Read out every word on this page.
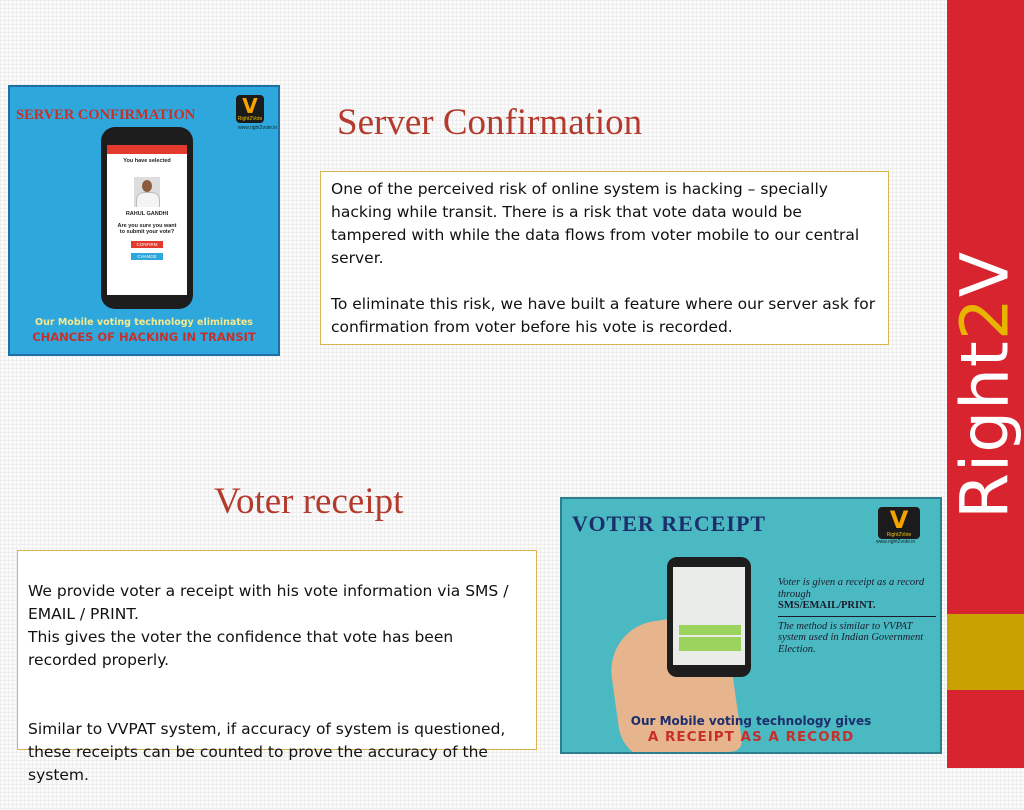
Right2V
SERVER CONFIRMATION	V
Right2Vote
www.right2vote.in
You have selected
RAHUL GANDHI
Are you sure you want to submit your vote?
CONFIRM
CHANGE
Our Mobile voting technology eliminates
CHANCES OF HACKING IN TRANSIT
Server Confirmation

One of the perceived risk of online system is hacking – specially hacking while transit. There is a risk that vote data would be tampered with while the data flows from voter mobile to our central server.

To eliminate this risk, we have built a feature where our server ask for confirmation from voter before his vote is recorded.

Voter receipt

We provide voter a receipt with his vote information via SMS / EMAIL / PRINT.
This gives the voter the confidence that vote has been recorded properly.

Similar to VVPAT system, if accuracy of system is questioned, these receipts can be counted to prove the accuracy of the system.

VOTER RECEIPT	V
Right2Vote
www.right2vote.in
Voter is given a receipt as a record through
SMS/EMAIL/PRINT.
The method is similar to VVPAT system used in Indian Government Election.
Our Mobile voting technology gives
A RECEIPT AS A RECORD
